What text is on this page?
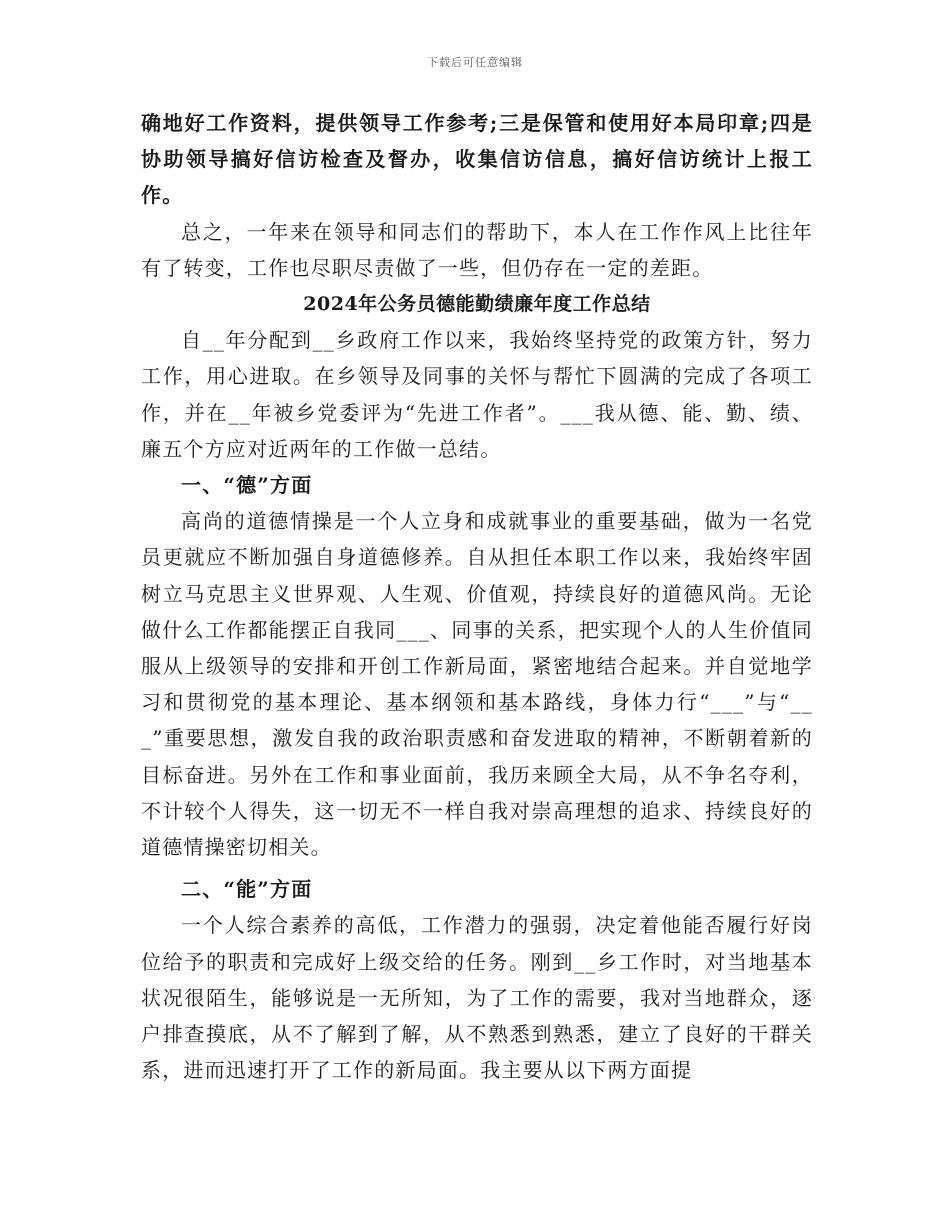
下载后可任意编辑

确地好工作资料，提供领导工作参考;三是保管和使用好本局印章;四是协助领导搞好信访检查及督办，收集信访信息，搞好信访统计上报工作。

总之，一年来在领导和同志们的帮助下，本人在工作作风上比往年有了转变，工作也尽职尽责做了一些，但仍存在一定的差距。

2024年公务员德能勤绩廉年度工作总结

自__年分配到__乡政府工作以来，我始终坚持党的政策方针，努力工作，用心进取。在乡领导及同事的关怀与帮忙下圆满的完成了各项工作，并在__年被乡党委评为“先进工作者”。___我从德、能、勤、绩、廉五个方应对近两年的工作做一总结。

一、“德”方面

高尚的道德情操是一个人立身和成就事业的重要基础，做为一名党员更就应不断加强自身道德修养。自从担任本职工作以来，我始终牢固树立马克思主义世界观、人生观、价值观，持续良好的道德风尚。无论做什么工作都能摆正自我同___、同事的关系，把实现个人的人生价值同服从上级领导的安排和开创工作新局面，紧密地结合起来。并自觉地学习和贯彻党的基本理论、基本纲领和基本路线，身体力行“___”与“___”重要思想，激发自我的政治职责感和奋发进取的精神，不断朝着新的目标奋进。另外在工作和事业面前，我历来顾全大局，从不争名夺利，不计较个人得失，这一切无不一样自我对崇高理想的追求、持续良好的道德情操密切相关。

二、“能”方面

一个人综合素养的高低，工作潜力的强弱，决定着他能否履行好岗位给予的职责和完成好上级交给的任务。刚到__乡工作时，对当地基本状况很陌生，能够说是一无所知，为了工作的需要，我对当地群众，逐户排查摸底，从不了解到了解，从不熟悉到熟悉，建立了良好的干群关系，进而迅速打开了工作的新局面。我主要从以下两方面提
